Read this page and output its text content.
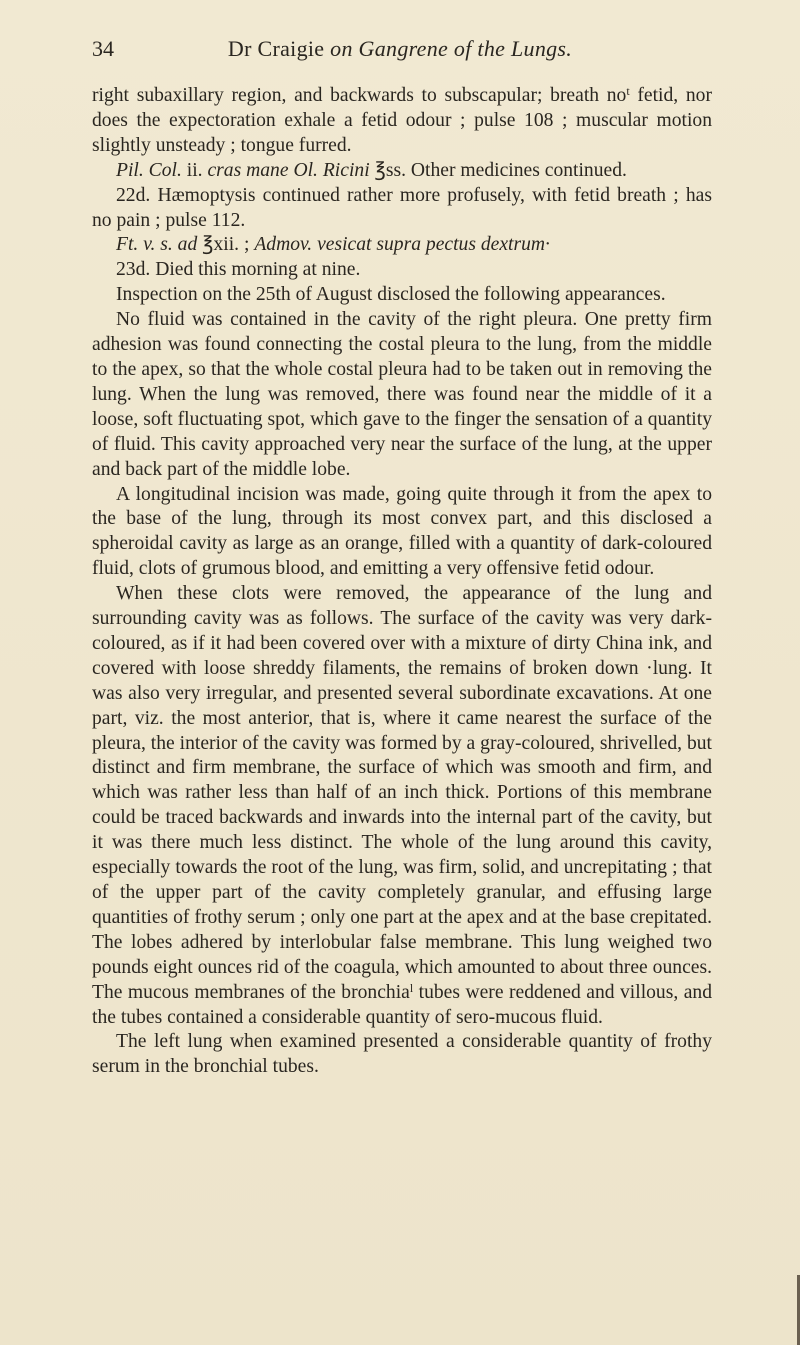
34	Dr Craigie on Gangrene of the Lungs.

right subaxillary region, and backwards to subscapular; breath $no^t$ fetid, nor does the expectoration exhale a fetid odour ; pulse 108 ; muscular motion slightly unsteady ; tongue furred.

Pil. Col. ii. cras mane Ol. Ricini ℥ss. Other medicines continued.

22d. Hæmoptysis continued rather more profusely, with fetid breath ; has no pain ; pulse 112.

Ft. v. s. ad ℥xii. ; Admov. vesicat supra pectus dextrum·

23d. Died this morning at nine.

Inspection on the 25th of August disclosed the following appearances.

No fluid was contained in the cavity of the right pleura. One pretty firm adhesion was found connecting the costal pleura to the lung, from the middle to the apex, so that the whole costal pleura had to be taken out in removing the lung. When the lung was removed, there was found near the middle of it a loose, soft fluctuating spot, which gave to the finger the sensation of a quantity of fluid. This cavity approached very near the surface of the lung, at the upper and back part of the middle lobe.

A longitudinal incision was made, going quite through it from the apex to the base of the lung, through its most convex part, and this disclosed a spheroidal cavity as large as an orange, filled with a quantity of dark-coloured fluid, clots of grumous blood, and emitting a very offensive fetid odour.

When these clots were removed, the appearance of the lung and surrounding cavity was as follows. The surface of the cavity was very dark-coloured, as if it had been covered over with a mixture of dirty China ink, and covered with loose shreddy filaments, the remains of broken down ·lung. It was also very irregular, and presented several subordinate excavations. At one part, viz. the most anterior, that is, where it came nearest the surface of the pleura, the interior of the cavity was formed by a gray-coloured, shrivelled, but distinct and firm membrane, the surface of which was smooth and firm, and which was rather less than half of an inch thick. Portions of this membrane could be traced backwards and inwards into the internal part of the cavity, but it was there much less distinct. The whole of the lung around this cavity, especially towards the root of the lung, was firm, solid, and uncrepitating ; that of the upper part of the cavity completely granular, and effusing large quantities of frothy serum ; only one part at the apex and at the base crepitated. The lobes adhered by interlobular false membrane. This lung weighed two pounds eight ounces rid of the coagula, which amounted to about three ounces. The mucous membranes of the bronchia$^l$ tubes were reddened and villous, and the tubes contained a considerable quantity of sero-mucous fluid.

The left lung when examined presented a considerable quantity of frothy serum in the bronchial tubes.
